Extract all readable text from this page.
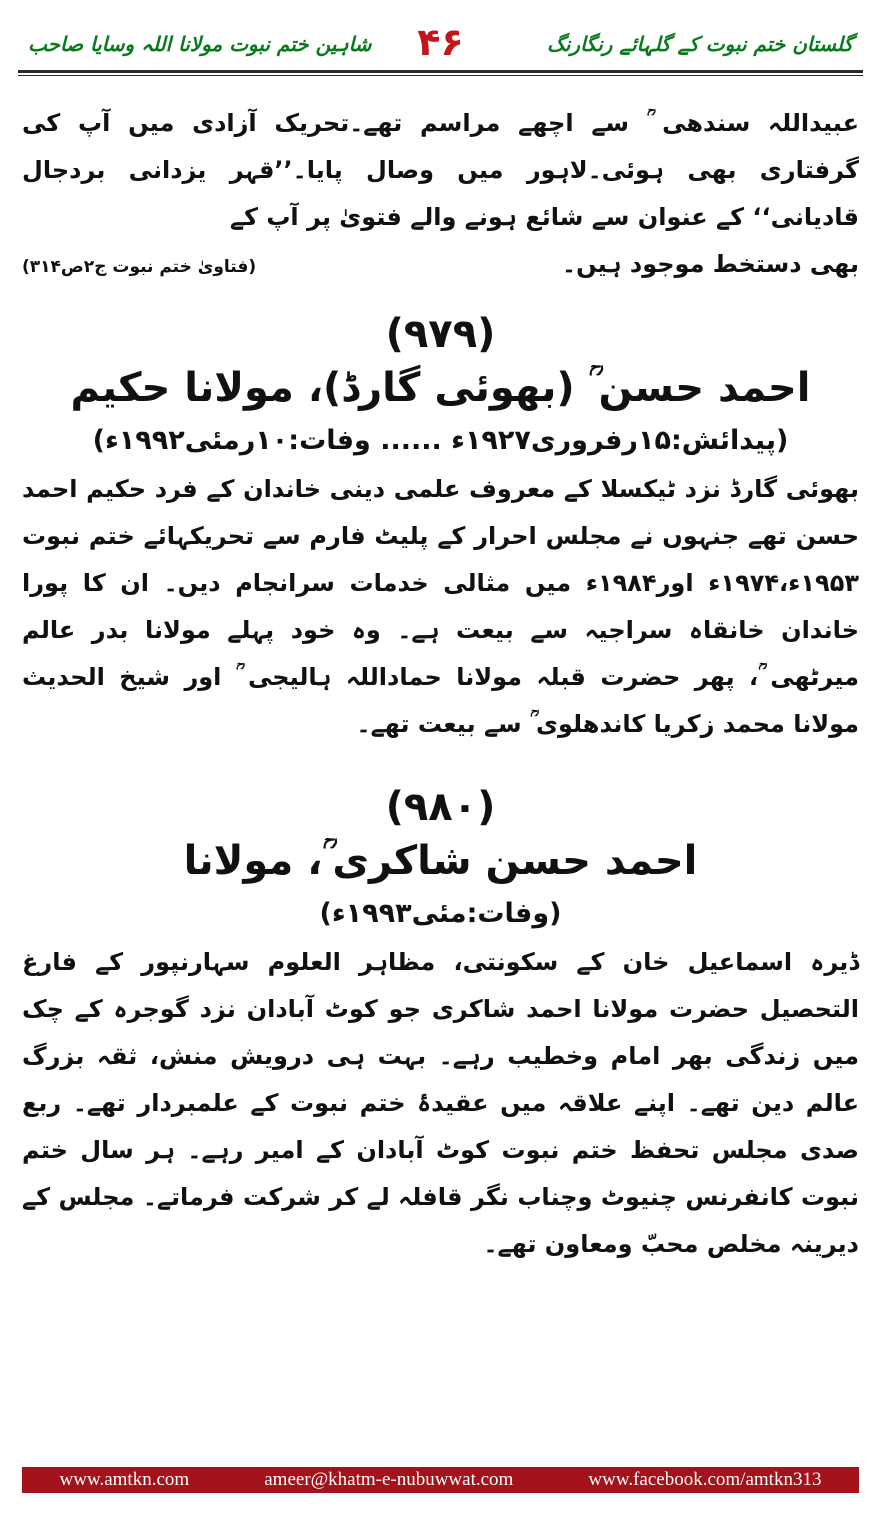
شاہین ختم نبوت مولانا اللہ وسایا صاحب	۴۶	گلستان ختم نبوت کے گلہائے رنگارنگ

عبیداللہ سندھی ؒ سے اچھے مراسم تھے۔تحریک آزادی میں آپ کی گرفتاری بھی ہوئی۔لاہور میں وصال پایا۔’’قہر یزدانی بردجال قادیانی‘‘ کے عنوان سے شائع ہونے والے فتویٰ پر آپ کے

بھی دستخط موجود ہیں۔
(فتاویٰ ختم نبوت ج۲ص۳۱۴)
(۹۷۹)
احمد حسن ؒ (بھوئی گارڈ)، مولانا حکیم
(پیدائش:۱۵رفروری۱۹۲۷ء ...... وفات:۱۰رمئی۱۹۹۲ء)

بھوئی گارڈ نزد ٹیکسلا کے معروف علمی دینی خاندان کے فرد حکیم احمد حسن تھے جنہوں نے مجلس احرار کے پلیٹ فارم سے تحریکہائے ختم نبوت ۱۹۵۳ء،۱۹۷۴ء اور۱۹۸۴ء میں مثالی خدمات سرانجام دیں۔ ان کا پورا خاندان خانقاہ سراجیہ سے بیعت ہے۔ وہ خود پہلے مولانا بدر عالم میرٹھی ؒ، پھر حضرت قبلہ مولانا حماداللہ ہالیجی ؒ اور شیخ الحدیث مولانا محمد زکریا کاندھلوی ؒ سے بیعت تھے۔

(۹۸۰)
احمد حسن شاکری ؒ، مولانا
(وفات:مئی۱۹۹۳ء)

ڈیرہ اسماعیل خان کے سکونتی، مظاہر العلوم سہارنپور کے فارغ التحصیل حضرت مولانا احمد شاکری جو کوٹ آبادان نزد گوجرہ کے چک میں زندگی بھر امام وخطیب رہے۔ بہت ہی درویش منش، ثقہ بزرگ عالم دین تھے۔ اپنے علاقہ میں عقیدۂ ختم نبوت کے علمبردار تھے۔ ربع صدی مجلس تحفظ ختم نبوت کوٹ آبادان کے امیر رہے۔ ہر سال ختم نبوت کانفرنس چنیوٹ وچناب نگر قافلہ لے کر شرکت فرماتے۔ مجلس کے دیرینہ مخلص محبّ ومعاون تھے۔

www.amtkn.com	ameer@khatm-e-nubuwwat.com	www.facebook.com/amtkn313
